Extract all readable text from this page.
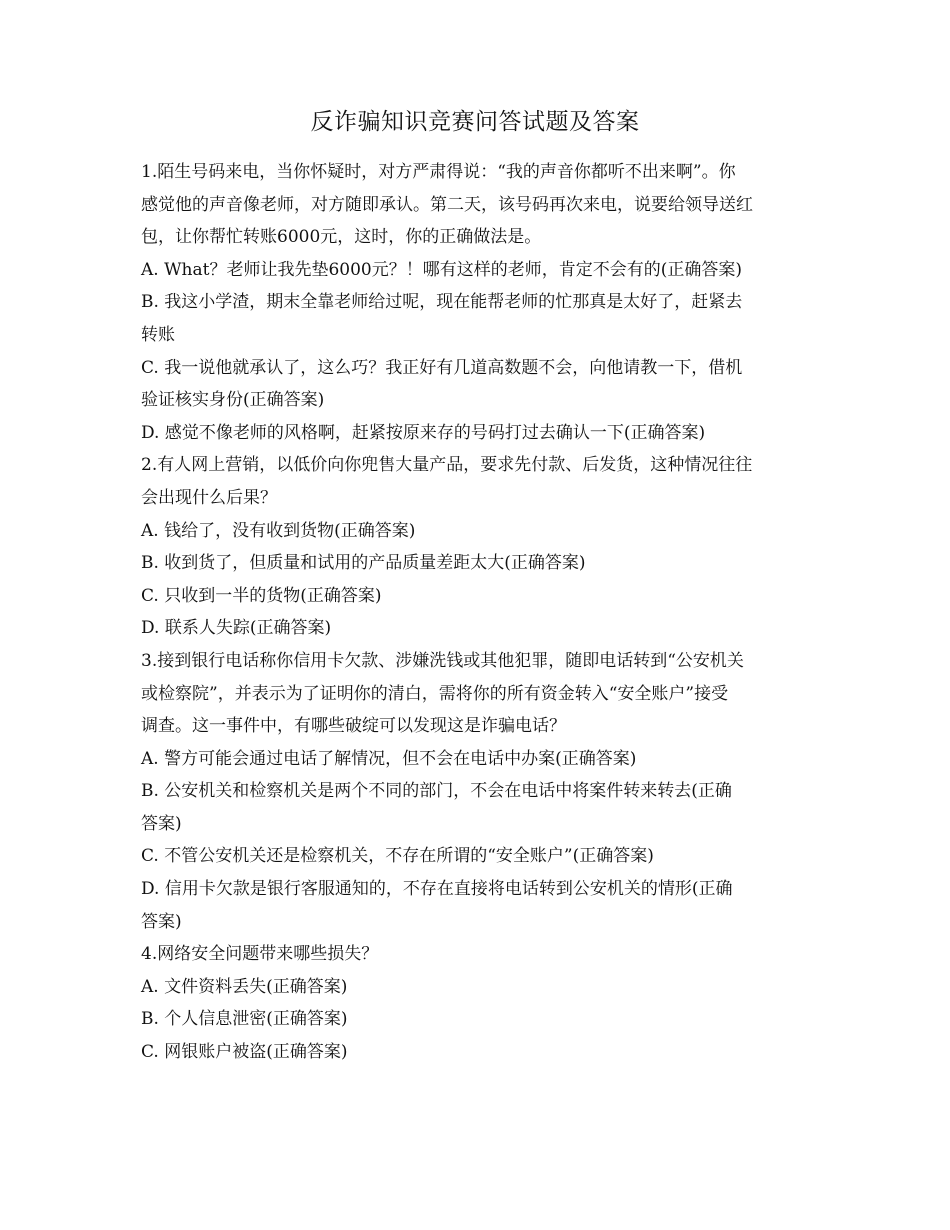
反诈骗知识竞赛问答试题及答案

1.陌生号码来电，当你怀疑时，对方严肃得说：“我的声音你都听不出来啊”。你

感觉他的声音像老师，对方随即承认。第二天，该号码再次来电，说要给领导送红

包，让你帮忙转账6000元，这时，你的正确做法是。

A. What？老师让我先垫6000元？！哪有这样的老师，肯定不会有的(正确答案)

B. 我这小学渣，期末全靠老师给过呢，现在能帮老师的忙那真是太好了，赶紧去

转账

C. 我一说他就承认了，这么巧？我正好有几道高数题不会，向他请教一下，借机

验证核实身份(正确答案)

D. 感觉不像老师的风格啊，赶紧按原来存的号码打过去确认一下(正确答案)

2.有人网上营销，以低价向你兜售大量产品，要求先付款、后发货，这种情况往往

会出现什么后果？

A. 钱给了，没有收到货物(正确答案)

B. 收到货了，但质量和试用的产品质量差距太大(正确答案)

C. 只收到一半的货物(正确答案)

D. 联系人失踪(正确答案)

3.接到银行电话称你信用卡欠款、涉嫌洗钱或其他犯罪，随即电话转到“公安机关

或检察院”，并表示为了证明你的清白，需将你的所有资金转入“安全账户”接受

调查。这一事件中，有哪些破绽可以发现这是诈骗电话？

A. 警方可能会通过电话了解情况，但不会在电话中办案(正确答案)

B. 公安机关和检察机关是两个不同的部门，不会在电话中将案件转来转去(正确

答案)

C. 不管公安机关还是检察机关，不存在所谓的“安全账户”(正确答案)

D. 信用卡欠款是银行客服通知的，不存在直接将电话转到公安机关的情形(正确

答案)

4.网络安全问题带来哪些损失？

A. 文件资料丢失(正确答案)

B. 个人信息泄密(正确答案)

C. 网银账户被盗(正确答案)
